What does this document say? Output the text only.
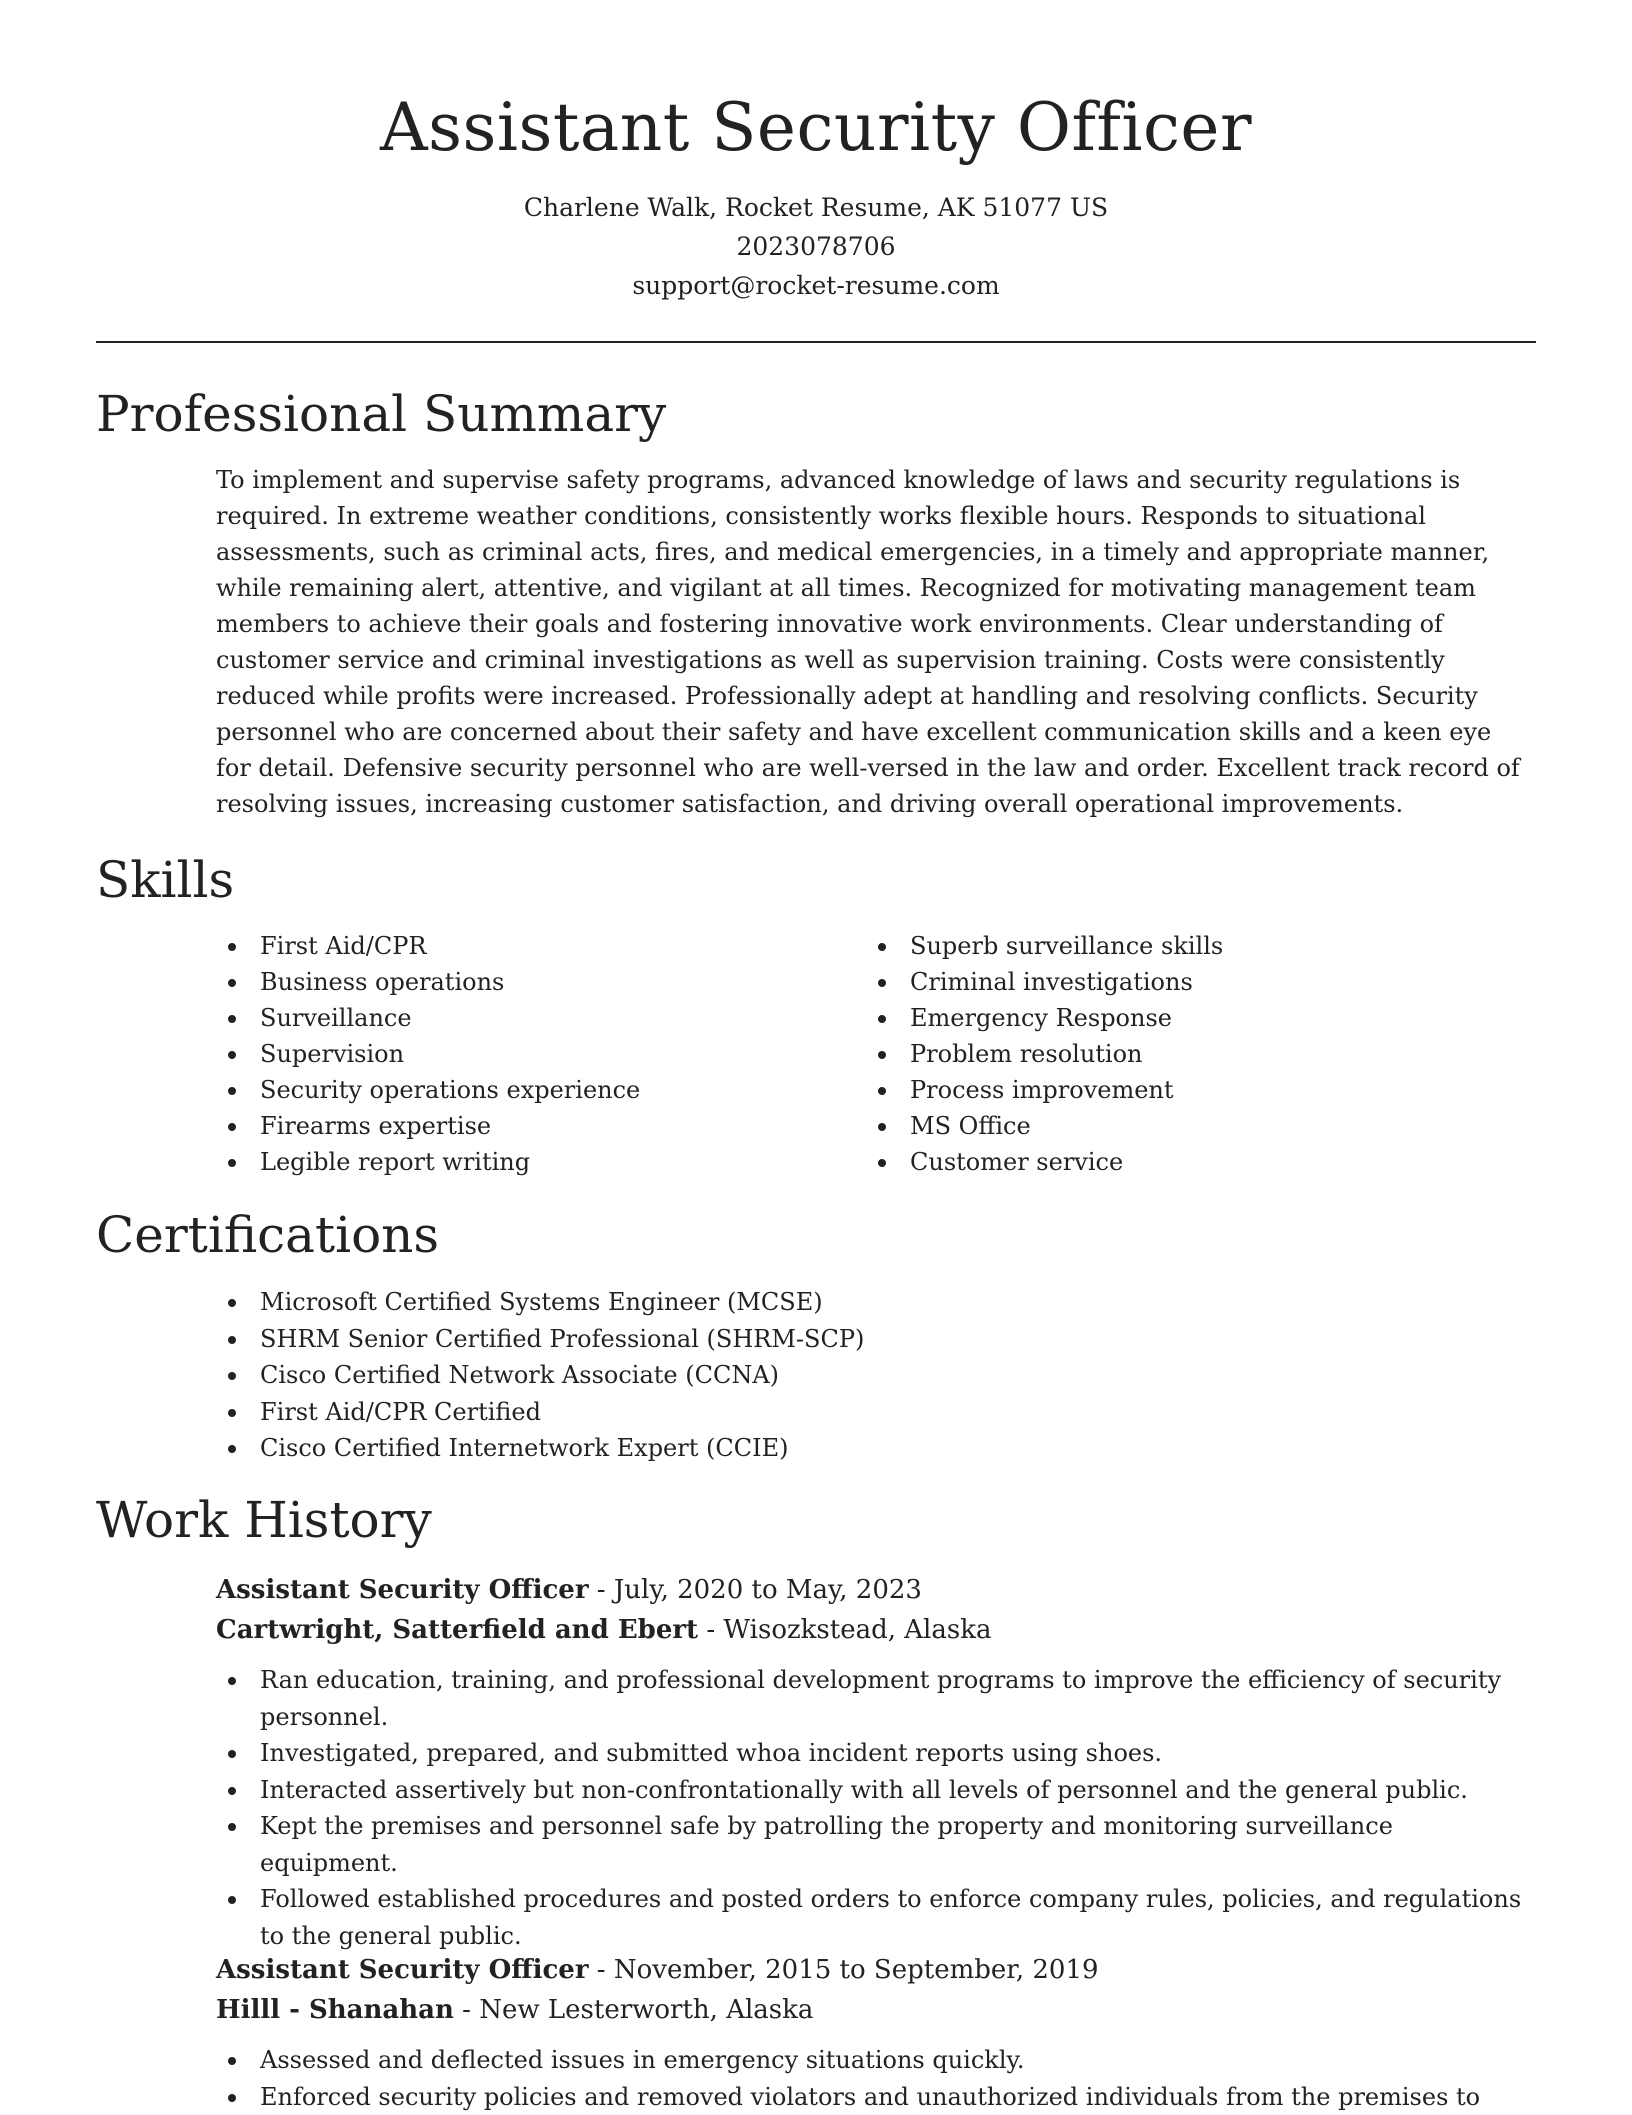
Assistant Security Officer
Charlene Walk, Rocket Resume, AK 51077 US
2023078706
support@rocket-resume.com
Professional Summary

To implement and supervise safety programs, advanced knowledge of laws and security regulations is required. In extreme weather conditions, consistently works flexible hours. Responds to situational assessments, such as criminal acts, fires, and medical emergencies, in a timely and appropriate manner, while remaining alert, attentive, and vigilant at all times. Recognized for motivating management team members to achieve their goals and fostering innovative work environments. Clear understanding of customer service and criminal investigations as well as supervision training. Costs were consistently reduced while profits were increased. Professionally adept at handling and resolving conflicts. Security personnel who are concerned about their safety and have excellent communication skills and a keen eye for detail. Defensive security personnel who are well-versed in the law and order. Excellent track record of resolving issues, increasing customer satisfaction, and driving overall operational improvements.

Skills
First Aid/CPR
Business operations
Surveillance
Supervision
Security operations experience
Firearms expertise
Legible report writing
Superb surveillance skills
Criminal investigations
Emergency Response
Problem resolution
Process improvement
MS Office
Customer service
Certifications
Microsoft Certified Systems Engineer (MCSE)
SHRM Senior Certified Professional (SHRM-SCP)
Cisco Certified Network Associate (CCNA)
First Aid/CPR Certified
Cisco Certified Internetwork Expert (CCIE)
Work History
Assistant Security Officer - July, 2020 to May, 2023
Cartwright, Satterfield and Ebert - Wisozkstead, Alaska
Ran education, training, and professional development programs to improve the efficiency of security personnel.
Investigated, prepared, and submitted whoa incident reports using shoes.
Interacted assertively but non-confrontationally with all levels of personnel and the general public.
Kept the premises and personnel safe by patrolling the property and monitoring surveillance equipment.
Followed established procedures and posted orders to enforce company rules, policies, and regulations to the general public.
Assistant Security Officer - November, 2015 to September, 2019
Hilll - Shanahan - New Lesterworth, Alaska
Assessed and deflected issues in emergency situations quickly.
Enforced security policies and removed violators and unauthorized individuals from the premises to
